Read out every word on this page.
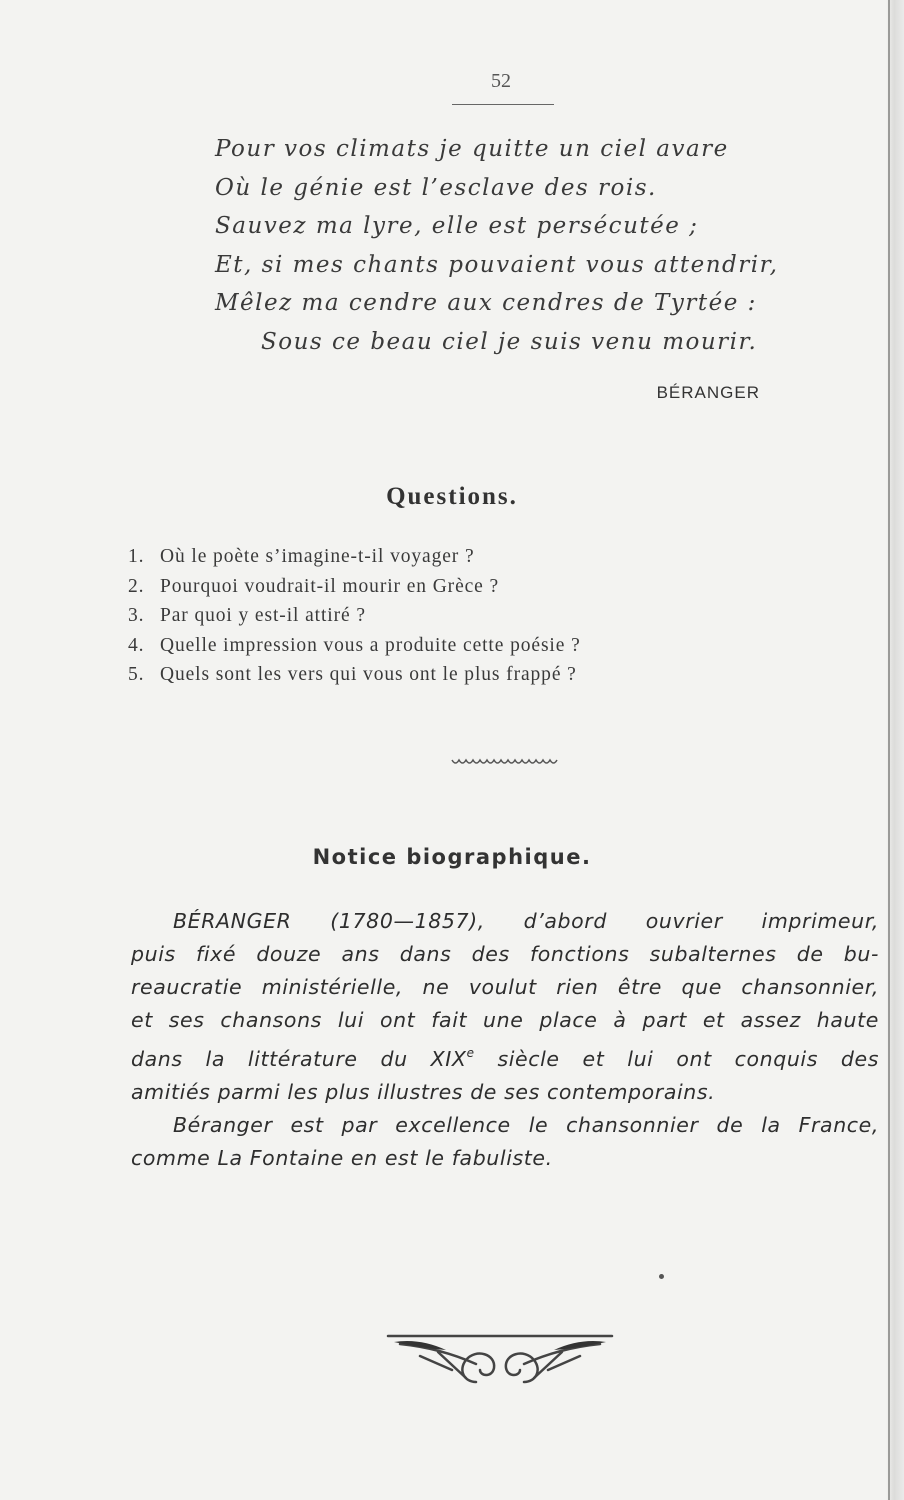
52
Pour vos climats je quitte un ciel avare
Où le génie est l’esclave des rois.
Sauvez ma lyre, elle est persécutée ;
Et, si mes chants pouvaient vous attendrir,
Mêlez ma cendre aux cendres de Tyrtée :
Sous ce beau ciel je suis venu mourir.
BÉRANGER
Questions.
1. Où le poète s’imagine-t-il voyager ?
2. Pourquoi voudrait-il mourir en Grèce ?
3. Par quoi y est-il attiré ?
4. Quelle impression vous a produite cette poésie ?
5. Quels sont les vers qui vous ont le plus frappé ?
Notice biographique.

BÉRANGER (1780—1857), d’abord ouvrier imprimeur,

puis fixé douze ans dans des fonctions subalternes de bu-

reaucratie ministérielle, ne voulut rien être que chansonnier,

et ses chansons lui ont fait une place à part et assez haute

dans la littérature du XIXe siècle et lui ont conquis des

amitiés parmi les plus illustres de ses contemporains.

Béranger est par excellence le chansonnier de la France,

comme La Fontaine en est le fabuliste.
